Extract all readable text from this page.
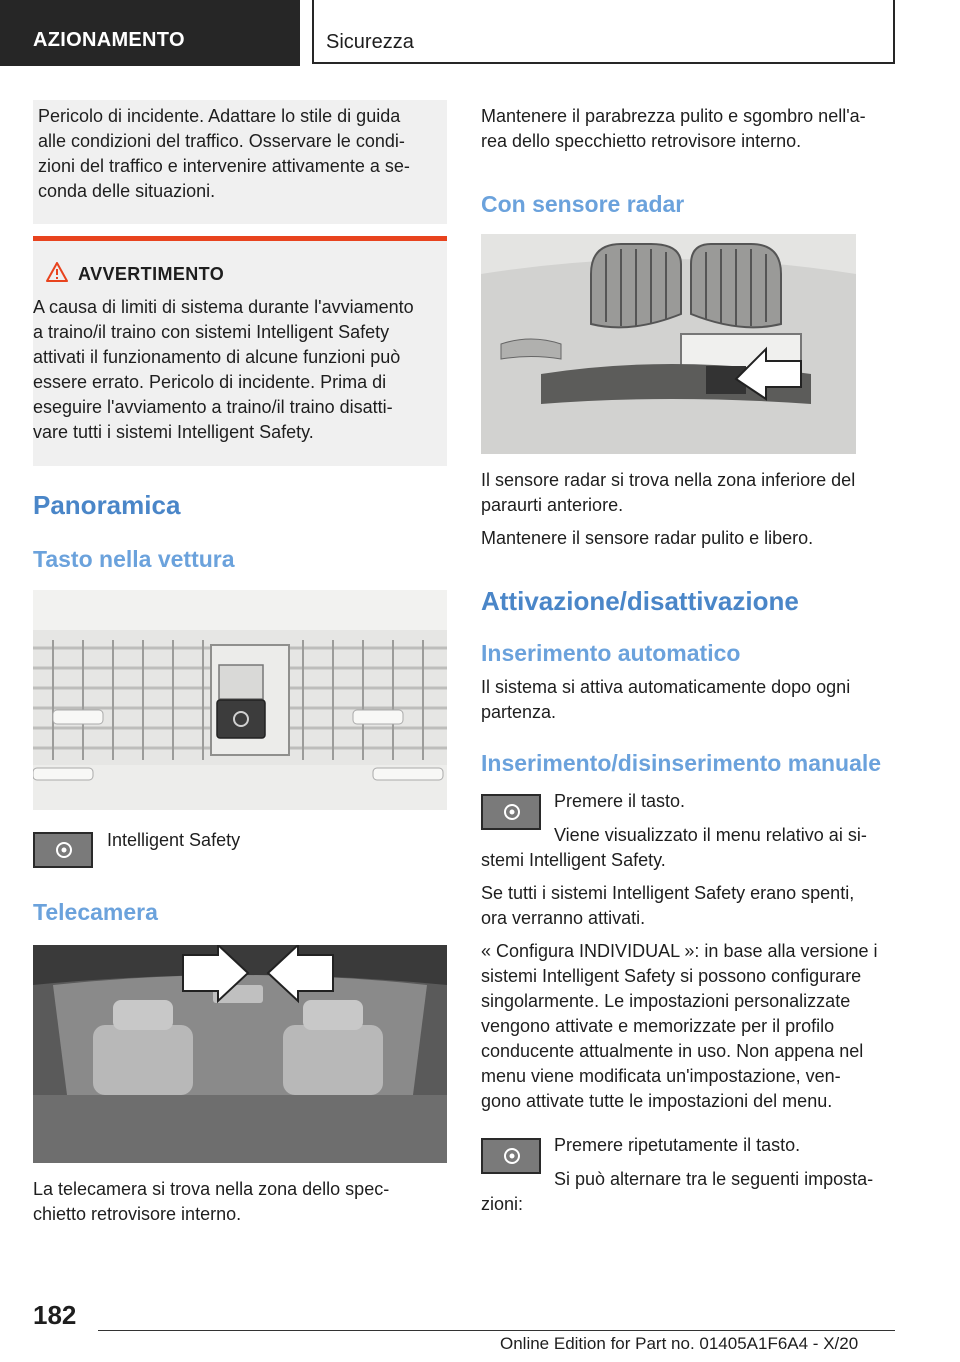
AZIONAMENTO	Sicurezza
Pericolo di incidente. Adattare lo stile di guida
alle condizioni del traffico. Osservare le condi-
zioni del traffico e intervenire attivamente a se-
conda delle situazioni.
AVVERTIMENTO
A causa di limiti di sistema durante l'avviamento
a traino/il traino con sistemi Intelligent Safety
attivati il funzionamento di alcune funzioni può
essere errato. Pericolo di incidente. Prima di
eseguire l'avviamento a traino/il traino disatti-
vare tutti i sistemi Intelligent Safety.
Panoramica
Tasto nella vettura
Intelligent Safety
Telecamera
La telecamera si trova nella zona dello spec-
chietto retrovisore interno.
Mantenere il parabrezza pulito e sgombro nell'a-
rea dello specchietto retrovisore interno.
Con sensore radar
Il sensore radar si trova nella zona inferiore del
paraurti anteriore.
Mantenere il sensore radar pulito e libero.
Attivazione/disattivazione
Inserimento automatico
Il sistema si attiva automaticamente dopo ogni
partenza.
Inserimento/disinserimento manuale
Premere il tasto.
Viene visualizzato il menu relativo ai si-
stemi Intelligent Safety.
Se tutti i sistemi Intelligent Safety erano spenti,
ora verranno attivati.
« Configura INDIVIDUAL »: in base alla versione i
sistemi Intelligent Safety si possono configurare
singolarmente. Le impostazioni personalizzate
vengono attivate e memorizzate per il profilo
conducente attualmente in uso. Non appena nel
menu viene modificata un'impostazione, ven-
gono attivate tutte le impostazioni del menu.
Premere ripetutamente il tasto.
Si può alternare tra le seguenti imposta-
zioni:
182
Online Edition for Part no. 01405A1F6A4 - X/20
